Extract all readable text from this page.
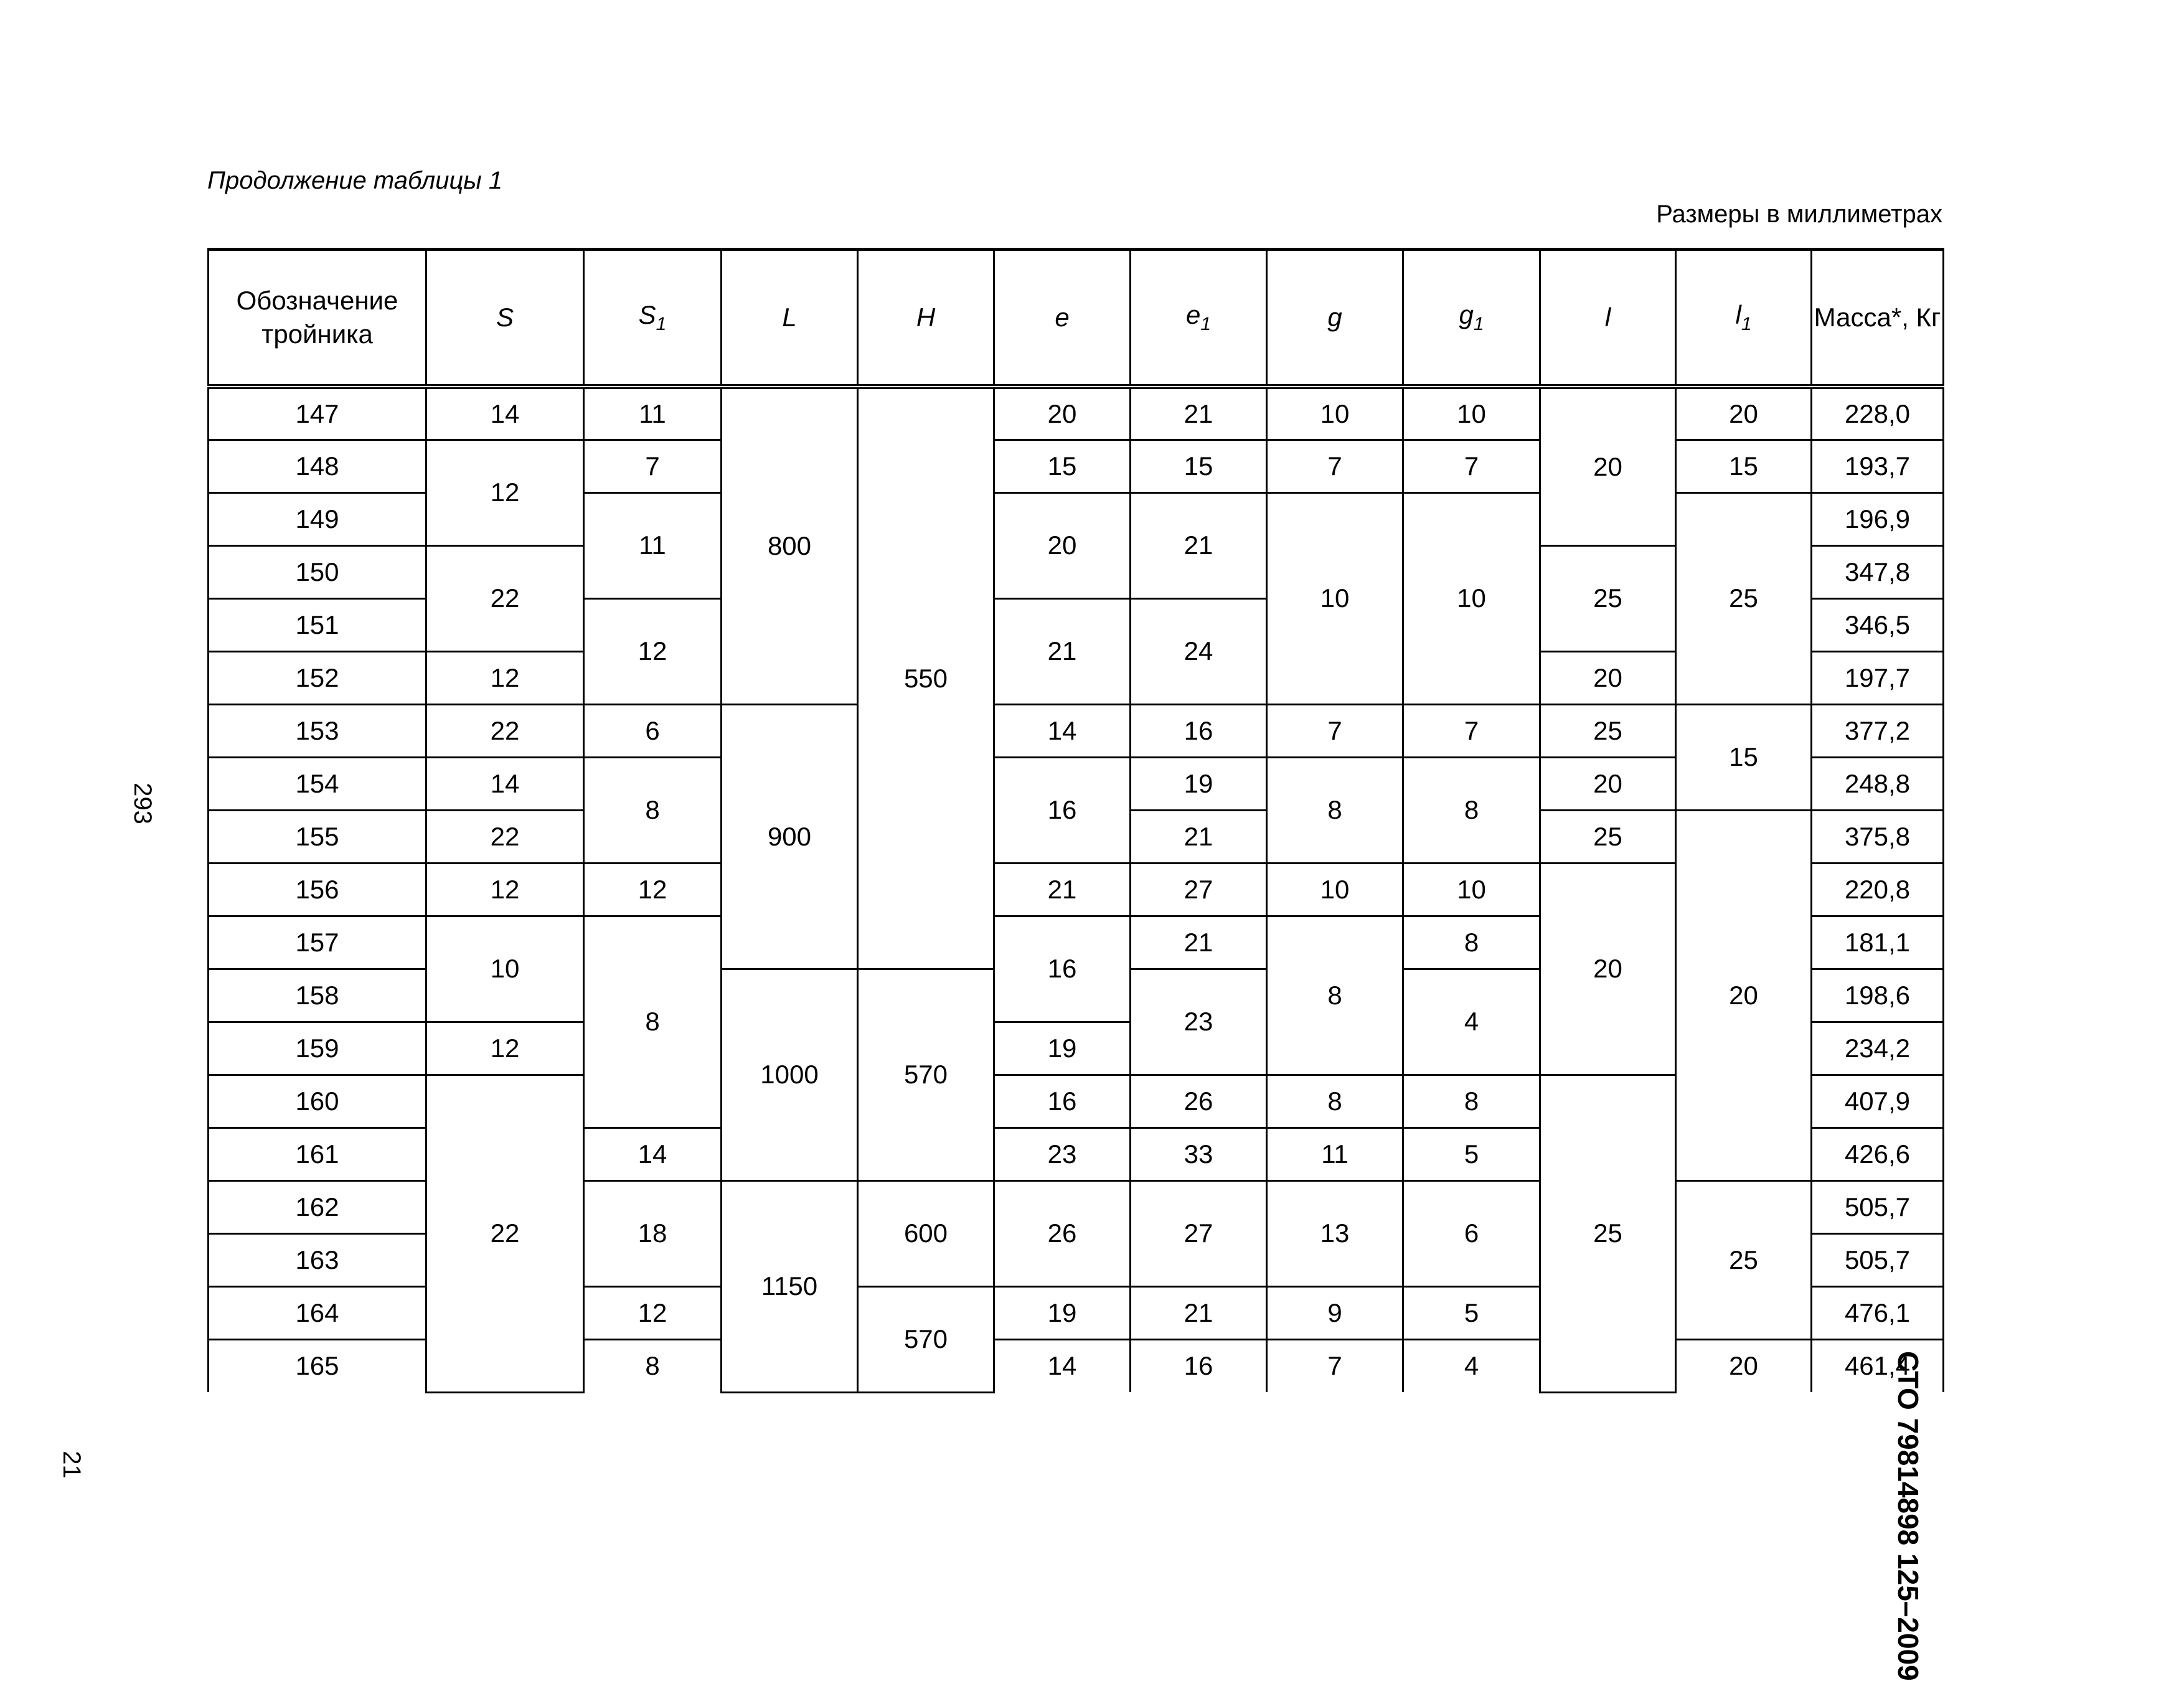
Продолжение таблицы 1
Размеры в миллиметрах
Обозначение тройника	S	$S_1$	L	H	e	$e_1$	g	$g_1$	l	$l_1$	Масса*, Кг
147	14	11	800	550	20	21	10	10	20	20	228,0
148	12	7			15	15	7	7		15	193,7
149		11			20	21	10	10		25	196,9
150	22								25		347,8
151		12			21	24					346,5
152	12								20		197,7
153	22	6	900		14	16	7	7	25	15	377,2
154	14	8			16	19	8	8	20		248,8
155	22					21			25	20	375,8
156	12	12			21	27	10	10	20		220,8
157	10	8			16	21	8	8			181,1
158			1000	570		23		4			198,6
159	12				19						234,2
160	22				16	26	8	8	25		407,9
161		14			23	33	11	5			426,6
162		18	1150	600	26	27	13	6		25	505,7
163											505,7
164		12		570	19	21	9	5			476,1
165		8			14	16	7	4		20	461,4
293
21	СТО 79814898 125–2009
